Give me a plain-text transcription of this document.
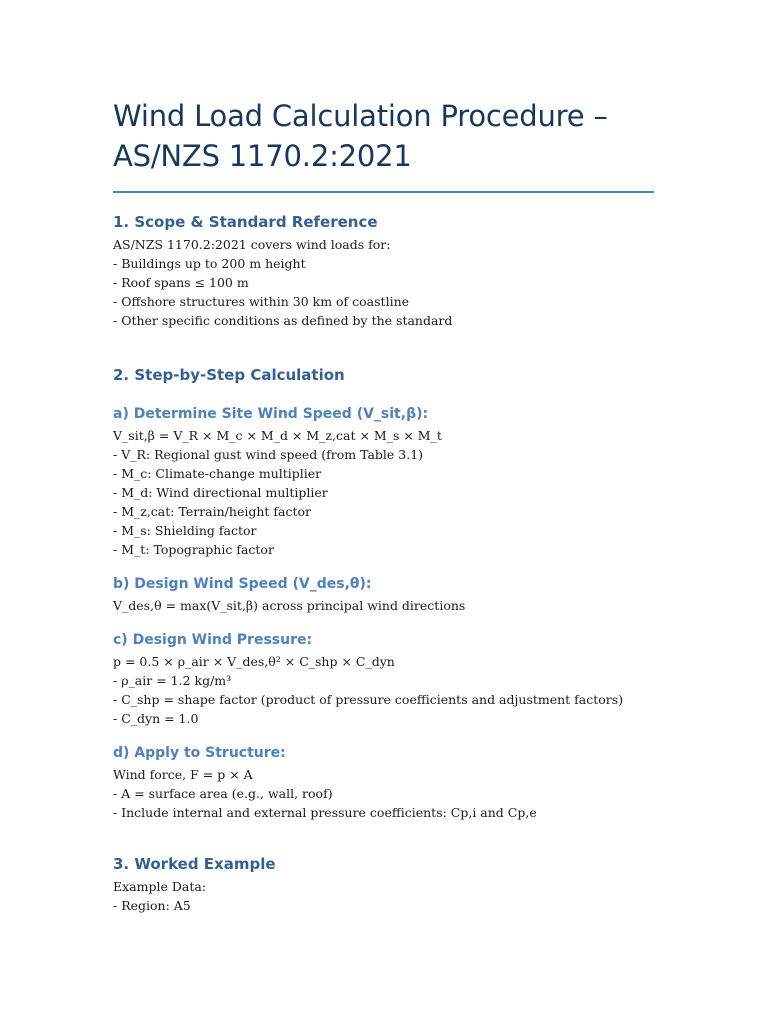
Wind Load Calculation Procedure –
AS/NZS 1170.2:2021
1. Scope & Standard Reference
AS/NZS 1170.2:2021 covers wind loads for:
- Buildings up to 200 m height
- Roof spans ≤ 100 m
- Offshore structures within 30 km of coastline
- Other specific conditions as defined by the standard
2. Step-by-Step Calculation
a) Determine Site Wind Speed (V_sit,β):
V_sit,β = V_R × M_c × M_d × M_z,cat × M_s × M_t
- V_R: Regional gust wind speed (from Table 3.1)
- M_c: Climate-change multiplier
- M_d: Wind directional multiplier
- M_z,cat: Terrain/height factor
- M_s: Shielding factor
- M_t: Topographic factor
b) Design Wind Speed (V_des,θ):
V_des,θ = max(V_sit,β) across principal wind directions
c) Design Wind Pressure:
p = 0.5 × ρ_air × V_des,θ² × C_shp × C_dyn
- ρ_air = 1.2 kg/m³
- C_shp = shape factor (product of pressure coefficients and adjustment factors)
- C_dyn = 1.0
d) Apply to Structure:
Wind force, F = p × A
- A = surface area (e.g., wall, roof)
- Include internal and external pressure coefficients: Cp,i and Cp,e
3. Worked Example
Example Data:
- Region: A5
